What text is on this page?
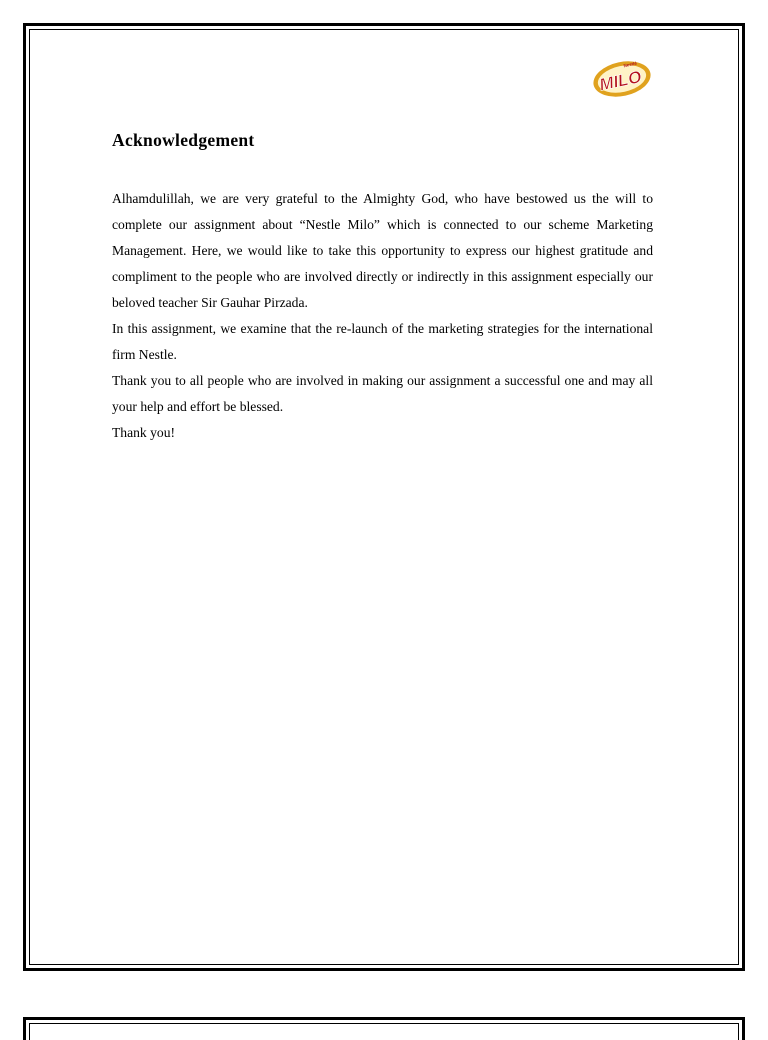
MILO
Nestlé
Acknowledgement

Alhamdulillah, we are very grateful to the Almighty God, who have bestowed us the will to complete our assignment about “Nestle Milo” which is connected to our scheme Marketing Management. Here, we would like to take this opportunity to express our highest gratitude and compliment to the people who are involved directly or indirectly in this assignment especially our beloved teacher Sir Gauhar Pirzada.

In this assignment, we examine that the re-launch of the marketing strategies for the international firm Nestle.

Thank you to all people who are involved in making our assignment a successful one and may all your help and effort be blessed.

Thank you!
